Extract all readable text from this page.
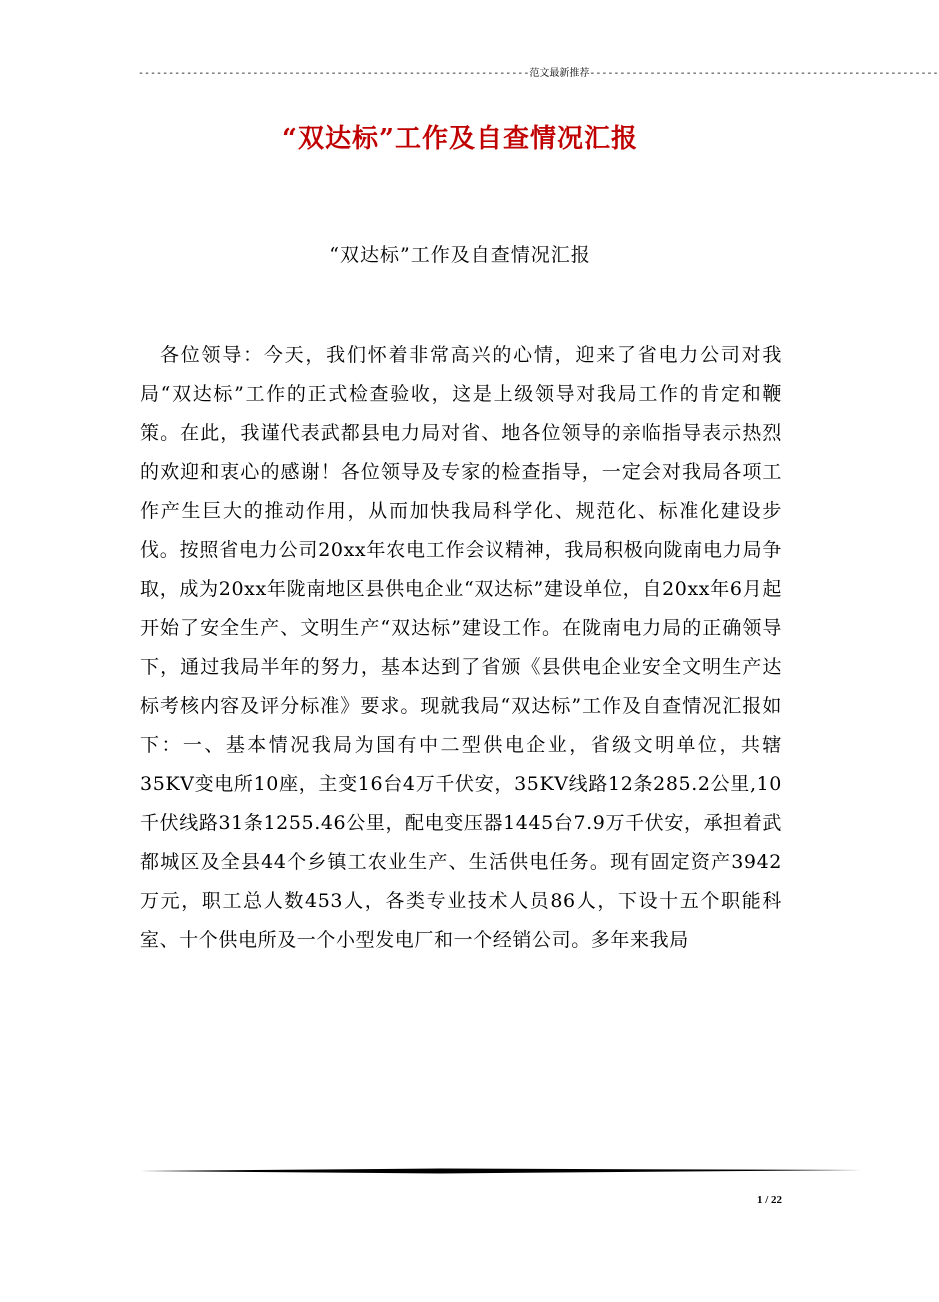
-----------------------------------------------------------------范文最新推荐----------------------------------------------------------
“双达标”工作及自查情况汇报
“双达标”工作及自查情况汇报
各位领导：今天，我们怀着非常高兴的心情，迎来了省电力公司对我局“双达标”工作的正式检查验收，这是上级领导对我局工作的肯定和鞭策。在此，我谨代表武都县电力局对省、地各位领导的亲临指导表示热烈的欢迎和衷心的感谢！各位领导及专家的检查指导，一定会对我局各项工作产生巨大的推动作用，从而加快我局科学化、规范化、标准化建设步伐。按照省电力公司20xx年农电工作会议精神，我局积极向陇南电力局争取，成为20xx年陇南地区县供电企业“双达标”建设单位，自20xx年6月起开始了安全生产、文明生产“双达标”建设工作。在陇南电力局的正确领导下，通过我局半年的努力，基本达到了省颁《县供电企业安全文明生产达标考核内容及评分标准》要求。现就我局“双达标”工作及自查情况汇报如下：一、基本情况我局为国有中二型供电企业，省级文明单位，共辖35KV变电所10座，主变16台4万千伏安，35KV线路12条285.2公里,10千伏线路31条1255.46公里，配电变压器1445台7.9万千伏安，承担着武都城区及全县44个乡镇工农业生产、生活供电任务。现有固定资产3942万元，职工总人数453人，各类专业技术人员86人，下设十五个职能科室、十个供电所及一个小型发电厂和一个经销公司。多年来我局
1 / 22
